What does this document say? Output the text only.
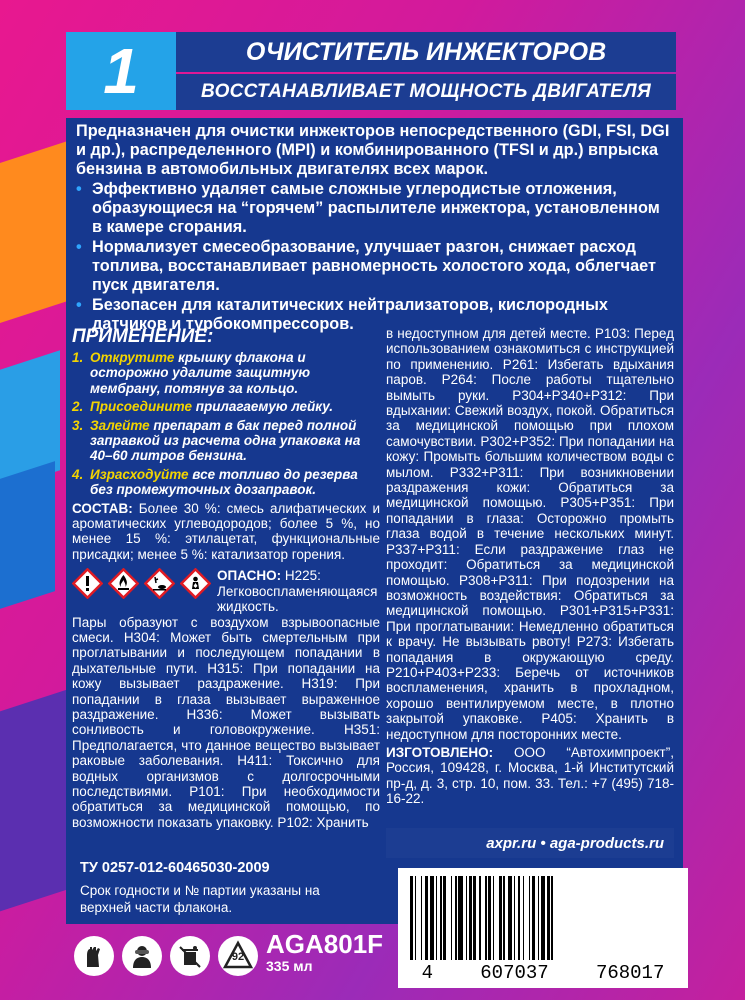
1	ОЧИСТИТЕЛЬ ИНЖЕКТОРОВ
ВОССТАНАВЛИВАЕТ МОЩНОСТЬ ДВИГАТЕЛЯ

Предназначен для очистки инжекторов непосредственного (GDI, FSI, DGI и др.), распределенного (MPI) и комбинированного (TFSI и др.) впрыска бензина в автомобильных двигателях всех марок.

• Эффективно удаляет самые сложные углеродистые отложения, образующиеся на “горячем” распылителе инжектора, установленном в камере сгорания.
• Нормализует смесеобразование, улучшает разгон, снижает расход топлива, восстанавливает равномерность холостого хода, облегчает пуск двигателя.
• Безопасен для каталитических нейтрализаторов, кислородных датчиков и турбокомпрессоров.
ПРИМЕНЕНИЕ:
1. Открутите крышку флакона и осторожно удалите защитную мембрану, потянув за кольцо.
2. Присоедините прилагаемую лейку.
3. Залейте препарат в бак перед полной заправкой из расчета одна упаковка на 40–60 литров бензина.
4. Израсходуйте все топливо до резерва без промежуточных дозаправок.
СОСТАВ: Более 30 %: смесь алифатических и ароматических углеводородов; более 5 %, но менее 15 %: этилацетат, функциональные присадки; менее 5 %: катализатор горения.
ОПАСНО: H225: Легковоспламеняющаяся жидкость.
Пары образуют с воздухом взрывоопасные смеси. H304: Может быть смертельным при проглатывании и последующем попадании в дыхательные пути. H315: При попадании на кожу вызывает раздражение. H319: При попадании в глаза вызывает выраженное раздражение. H336: Может вызывать сонливость и головокружение. H351: Предполагается, что данное вещество вызывает раковые заболевания. H411: Токсично для водных организмов с долгосрочными последствиями. P101: При необходимости обратиться за медицинской помощью, по возможности показать упаковку. P102: Хранить
в недоступном для детей месте. P103: Перед использованием ознакомиться с инструкцией по применению. P261: Избегать вдыхания паров. P264: После работы тщательно вымыть руки. P304+P340+P312: При вдыхании: Свежий воздух, покой. Обратиться за медицинской помощью при плохом самочувствии. P302+P352: При попадании на кожу: Промыть большим количеством воды с мылом. P332+P311: При возникновении раздражения кожи: Обратиться за медицинской помощью. P305+P351: При попадании в глаза: Осторожно промыть глаза водой в течение нескольких минут. P337+P311: Если раздражение глаз не проходит: Обратиться за медицинской помощью. P308+P311: При подозрении на возможность воздействия: Обратиться за медицинской помощью. P301+P315+P331: При проглатывании: Немедленно обратиться к врачу. Не вызывать рвоту! P273: Избегать попадания в окружающую среду. P210+P403+P233: Беречь от источников воспламенения, хранить в прохладном, хорошо вентилируемом месте, в плотно закрытой упаковке. P405: Хранить в недоступном для посторонних месте.
ИЗГОТОВЛЕНО: ООО “Автохимпроект”, Россия, 109428, г. Москва, 1-й Институтский пр-д, д. 3, стр. 10, пом. 33. Тел.: +7 (495) 718-16-22.
axpr.ru • aga-products.ru
ТУ 0257-012-60465030-2009
Срок годности и № партии указаны на верхней части флакона.
92 AGA801F
335 мл	4 607037 768017
